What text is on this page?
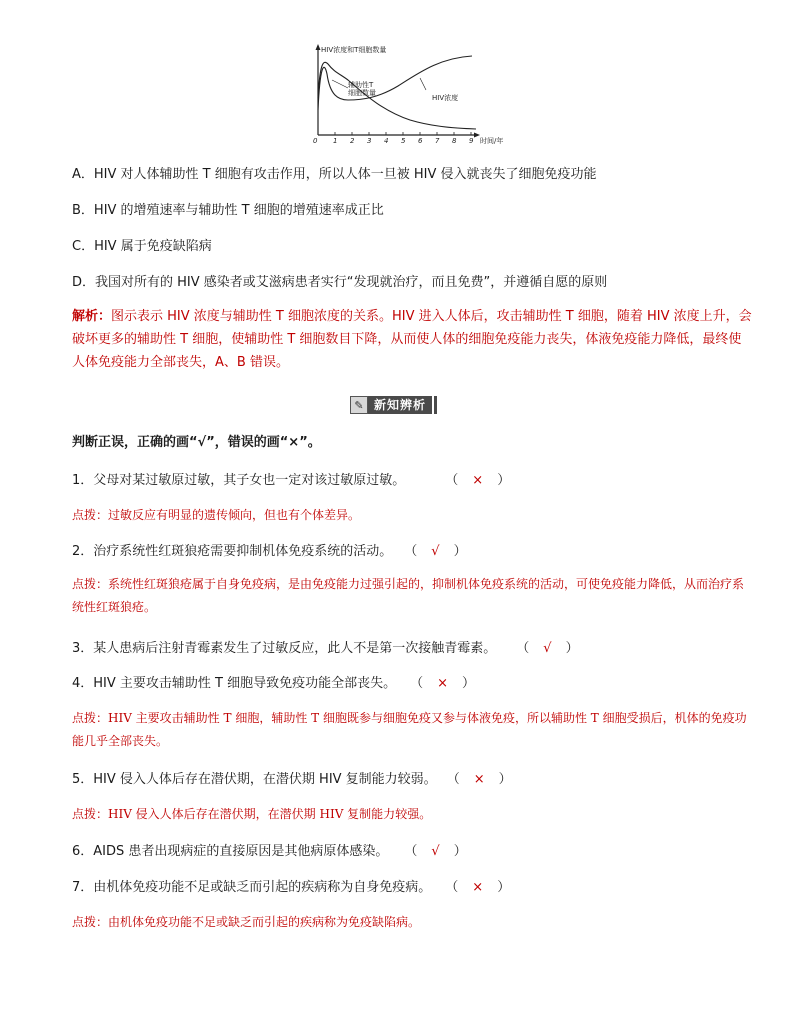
HIV浓度和T细胞数量
时间/年
0 1 2 3 4 5 6 7 8 9
辅助性T
细胞数量
HIV浓度
A．HIV 对人体辅助性 T 细胞有攻击作用，所以人体一旦被 HIV 侵入就丧失了细胞免疫功能
B．HIV 的增殖速率与辅助性 T 细胞的增殖速率成正比
C．HIV 属于免疫缺陷病
D．我国对所有的 HIV 感染者或艾滋病患者实行“发现就治疗，而且免费”，并遵循自愿的原则
解析：图示表示 HIV 浓度与辅助性 T 细胞浓度的关系。HIV 进入人体后，攻击辅助性 T 细胞，随着 HIV 浓度上升，会破坏更多的辅助性 T 细胞，使辅助性 T 细胞数目下降，从而使人体的细胞免疫能力丧失，体液免疫能力降低，最终使人体免疫能力全部丧失，A、B 错误。
✎ 新知辨析
判断正误，正确的画“√”，错误的画“×”。
1．父母对某过敏原过敏，其子女也一定对该过敏原过敏。	（ × ）
点拨：过敏反应有明显的遗传倾向，但也有个体差异。
2．治疗系统性红斑狼疮需要抑制机体免疫系统的活动。 （ √ ）
点拨：系统性红斑狼疮属于自身免疫病，是由免疫能力过强引起的，抑制机体免疫系统的活动，可使免疫能力降低，从而治疗系统性红斑狼疮。
3．某人患病后注射青霉素发生了过敏反应，此人不是第一次接触青霉素。 （ √ ）
4．HIV 主要攻击辅助性 T 细胞导致免疫功能全部丧失。 （ × ）
点拨：HIV 主要攻击辅助性 T 细胞，辅助性 T 细胞既参与细胞免疫又参与体液免疫，所以辅助性 T 细胞受损后，机体的免疫功能几乎全部丧失。
5．HIV 侵入人体后存在潜伏期，在潜伏期 HIV 复制能力较弱。 （ × ）
点拨：HIV 侵入人体后存在潜伏期，在潜伏期 HIV 复制能力较强。
6．AIDS 患者出现病症的直接原因是其他病原体感染。 （ √ ）
7．由机体免疫功能不足或缺乏而引起的疾病称为自身免疫病。 （ × ）
点拨：由机体免疫功能不足或缺乏而引起的疾病称为免疫缺陷病。
